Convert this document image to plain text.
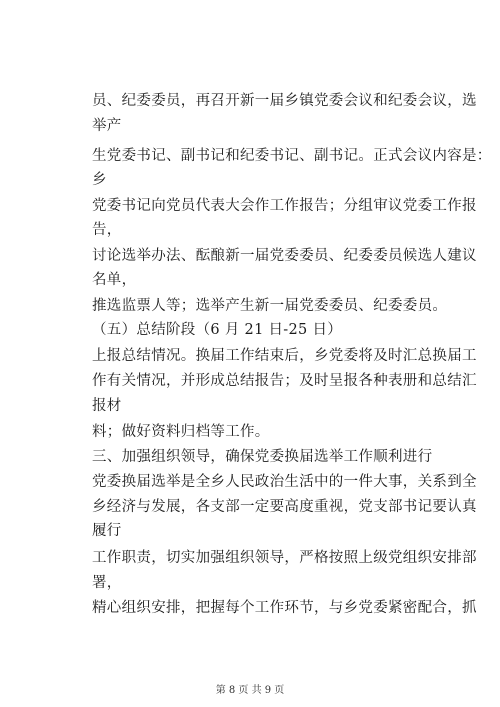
员、纪委委员，再召开新一届乡镇党委会议和纪委会议，选
举产
生党委书记、副书记和纪委书记、副书记。正式会议内容是：
乡
党委书记向党员代表大会作工作报告；分组审议党委工作报
告，
讨论选举办法、酝酿新一届党委委员、纪委委员候选人建议
名单，
推选监票人等；选举产生新一届党委委员、纪委委员。
（五）总结阶段（6 月 21 日-25 日）
上报总结情况。换届工作结束后，乡党委将及时汇总换届工
作有关情况，并形成总结报告；及时呈报各种表册和总结汇
报材
料；做好资料归档等工作。
三、加强组织领导，确保党委换届选举工作顺利进行
党委换届选举是全乡人民政治生活中的一件大事，关系到全
乡经济与发展，各支部一定要高度重视，党支部书记要认真
履行
工作职责，切实加强组织领导，严格按照上级党组织安排部
署，
精心组织安排，把握每个工作环节，与乡党委紧密配合，抓
第 8 页 共 9 页
